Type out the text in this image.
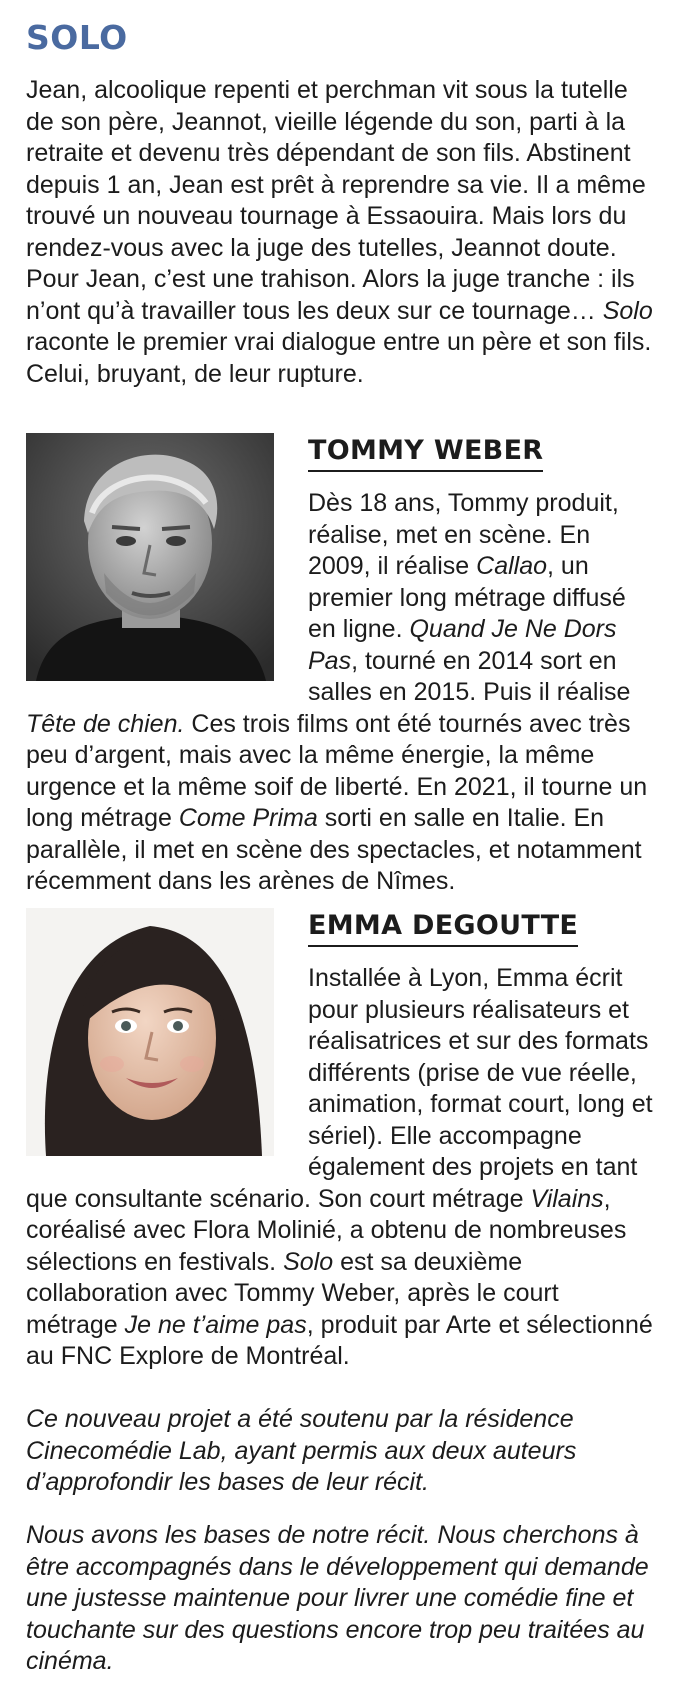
SOLO

Jean, alcoolique repenti et perchman vit sous la tutelle de son père, Jeannot, vieille légende du son, parti à la retraite et devenu très dépendant de son fils. Abstinent depuis 1 an, Jean est prêt à reprendre sa vie. Il a même trouvé un nouveau tournage à Essaouira. Mais lors du rendez-vous avec la juge des tutelles, Jeannot doute. Pour Jean, c’est une trahison. Alors la juge tranche : ils n’ont qu’à travailler tous les deux sur ce tournage… Solo raconte le premier vrai dialogue entre un père et son fils. Celui, bruyant, de leur rupture.

TOMMY WEBER

Dès 18 ans, Tommy produit, réalise, met en scène. En 2009, il réalise Callao, un premier long métrage diffusé en ligne. Quand Je Ne Dors Pas, tourné en 2014 sort en salles en 2015. Puis il réalise Tête de chien. Ces trois films ont été tournés avec très peu d’argent, mais avec la même énergie, la même urgence et la même soif de liberté. En 2021, il tourne un long métrage Come Prima sorti en salle en Italie. En parallèle, il met en scène des spectacles, et notamment récemment dans les arènes de Nîmes.

EMMA DEGOUTTE

Installée à Lyon, Emma écrit pour plusieurs réalisateurs et réalisatrices et sur des formats différents (prise de vue réelle, animation, format court, long et sériel). Elle accompagne également des projets en tant que consultante scénario. Son court métrage Vilains, coréalisé avec Flora Molinié, a obtenu de nombreuses sélections en festivals. Solo est sa deuxième collaboration avec Tommy Weber, après le court métrage Je ne t’aime pas, produit par Arte et sélectionné au FNC Explore de Montréal.

Ce nouveau projet a été soutenu par la résidence Cinecomédie Lab, ayant permis aux deux auteurs d’approfondir les bases de leur récit.

Nous avons les bases de notre récit. Nous cherchons à être accompagnés dans le développement qui demande une justesse maintenue pour livrer une comédie fine et touchante sur des questions encore trop peu traitées au cinéma.
